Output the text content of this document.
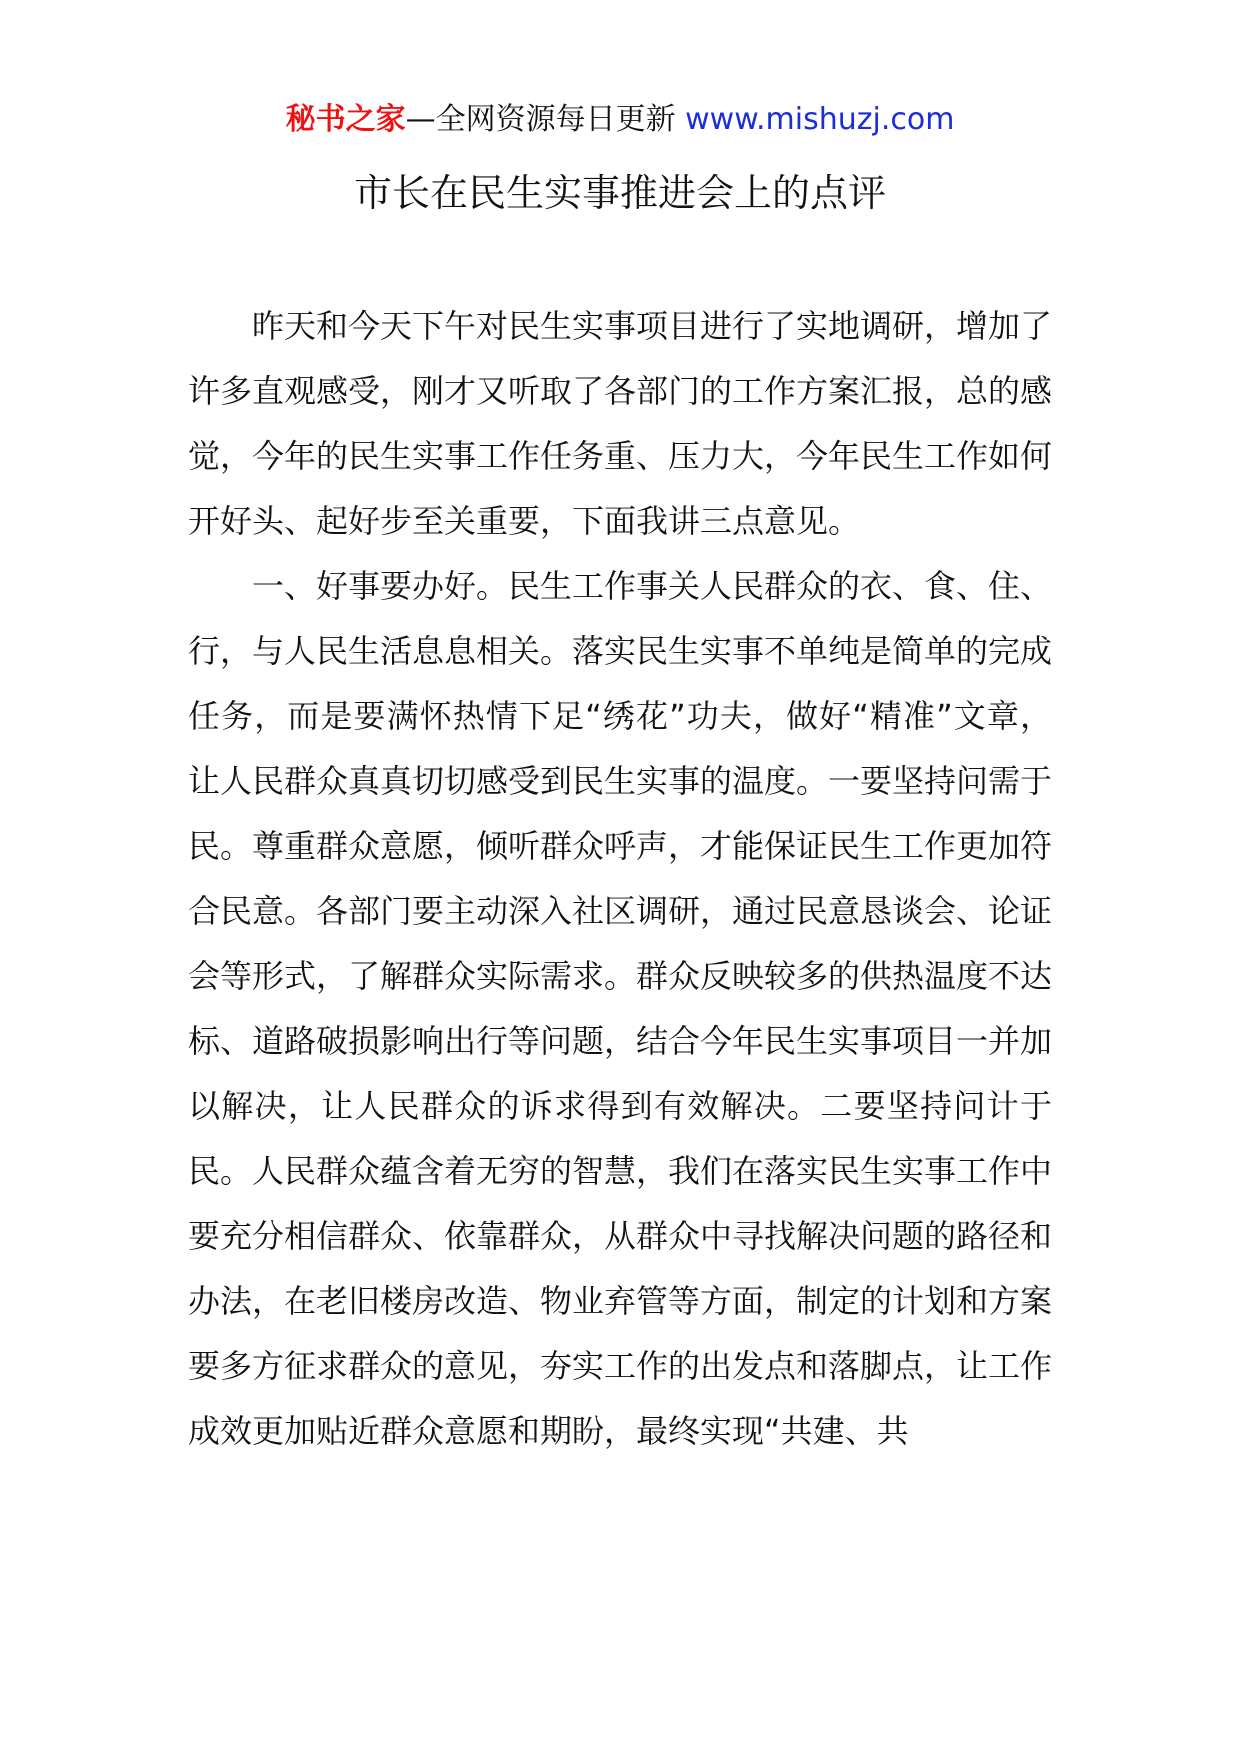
秘书之家—全网资源每日更新 www.mishuzj.com
市长在民生实事推进会上的点评

昨天和今天下午对民生实事项目进行了实地调研，增加了许多直观感受，刚才又听取了各部门的工作方案汇报，总的感觉，今年的民生实事工作任务重、压力大，今年民生工作如何开好头、起好步至关重要，下面我讲三点意见。

一、好事要办好。民生工作事关人民群众的衣、食、住、行，与人民生活息息相关。落实民生实事不单纯是简单的完成任务，而是要满怀热情下足“绣花”功夫，做好“精准”文章，让人民群众真真切切感受到民生实事的温度。一要坚持问需于民。尊重群众意愿，倾听群众呼声，才能保证民生工作更加符合民意。各部门要主动深入社区调研，通过民意恳谈会、论证会等形式，了解群众实际需求。群众反映较多的供热温度不达标、道路破损影响出行等问题，结合今年民生实事项目一并加以解决，让人民群众的诉求得到有效解决。二要坚持问计于民。人民群众蕴含着无穷的智慧，我们在落实民生实事工作中要充分相信群众、依靠群众，从群众中寻找解决问题的路径和办法，在老旧楼房改造、物业弃管等方面，制定的计划和方案要多方征求群众的意见，夯实工作的出发点和落脚点，让工作成效更加贴近群众意愿和期盼，最终实现“共建、共
